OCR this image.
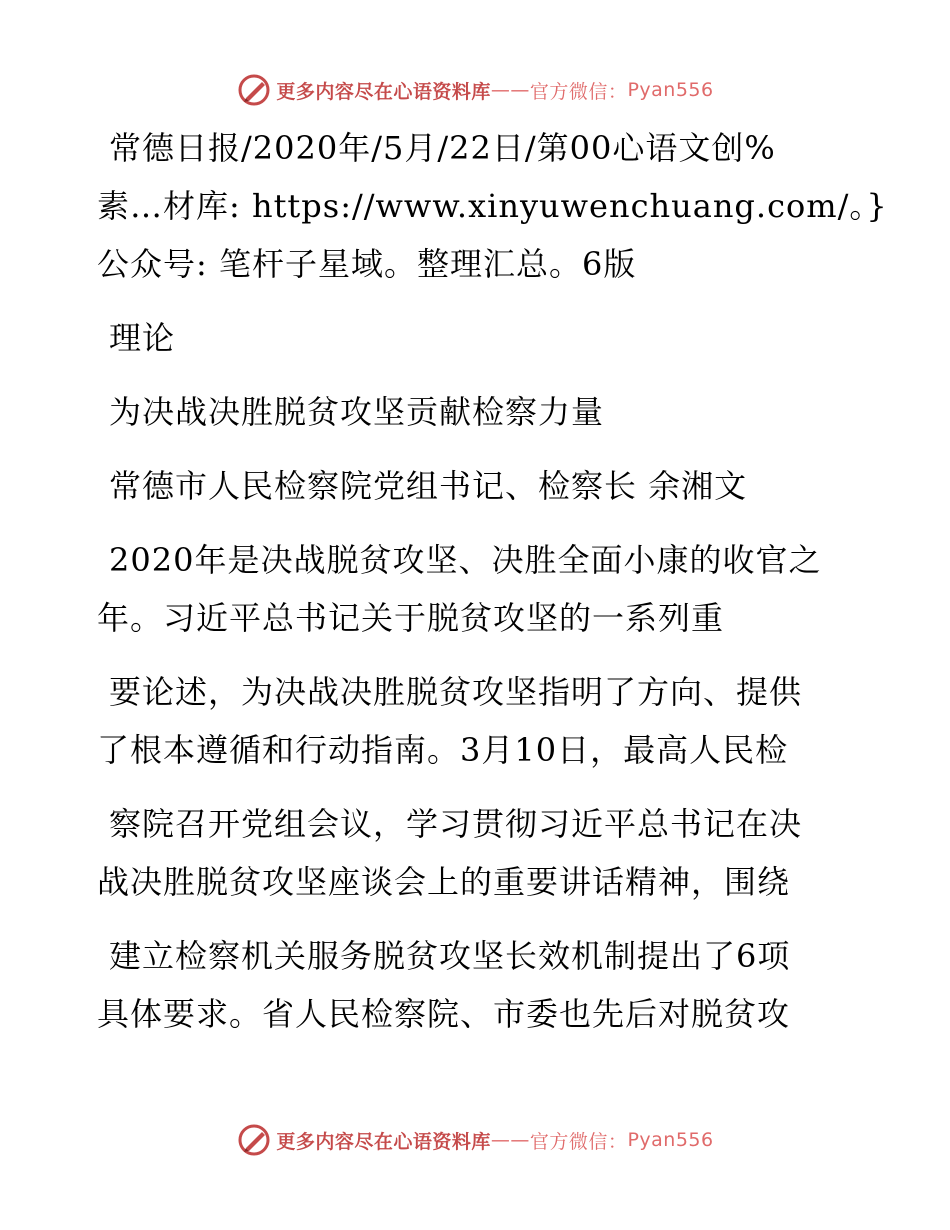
更多内容尽在心语资料库 —— 官方微信： Pyan556
常德日报/2020年/5月/22日/第00心语文创%
素…材库: https://www.xinyuwenchuang.com/。}
公众号: 笔杆子星域。整理汇总。6版
理论
为决战决胜脱贫攻坚贡献检察力量
常德市人民检察院党组书记、检察长 余湘文
2020年是决战脱贫攻坚、决胜全面小康的收官之
年。习近平总书记关于脱贫攻坚的一系列重
要论述，为决战决胜脱贫攻坚指明了方向、提供
了根本遵循和行动指南。3月10日，最高人民检
察院召开党组会议，学习贯彻习近平总书记在决
战决胜脱贫攻坚座谈会上的重要讲话精神，围绕
建立检察机关服务脱贫攻坚长效机制提出了6项
具体要求。省人民检察院、市委也先后对脱贫攻
更多内容尽在心语资料库 —— 官方微信： Pyan556
